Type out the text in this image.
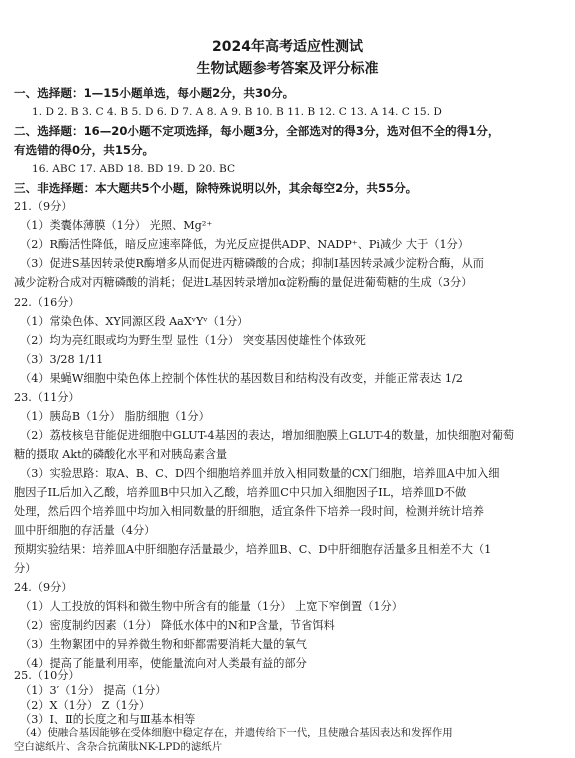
2024年高考适应性测试
生物试题参考答案及评分标准
一、选择题：1—15小题单选，每小题2分，共30分。
1. D 2. B 3. C 4. B 5. D 6. D 7. A 8. A 9. B 10. B 11. B 12. C 13. A 14. C 15. D
二、选择题：16—20小题不定项选择，每小题3分，全部选对的得3分，选对但不全的得1分，
有选错的得0分，共15分。
16. ABC 17. ABD 18. BD 19. D 20. BC
三、非选择题：本大题共5个小题，除特殊说明以外，其余每空2分，共55分。
21.（9分）
（1）类囊体薄膜（1分） 光照、Mg²⁺
（2）R酶活性降低，暗反应速率降低，为光反应提供ADP、NADP⁺、Pi减少 大于（1分）
（3）促进S基因转录使R酶增多从而促进丙糖磷酸的合成；抑制I基因转录减少淀粉合酶，从而
减少淀粉合成对丙糖磷酸的消耗；促进L基因转录增加α淀粉酶的量促进葡萄糖的生成（3分）
22.（16分）
（1）常染色体、XY同源区段 AaXᵛYᵛ（1分）
（2）均为亮红眼或均为野生型 显性（1分） 突变基因使雄性个体致死
（3）3/28 1/11
（4）果蝇W细胞中染色体上控制个体性状的基因数目和结构没有改变，并能正常表达 1/2
23.（11分）
（1）胰岛B（1分） 脂肪细胞（1分）
（2）荔枝核皂苷能促进细胞中GLUT-4基因的表达，增加细胞膜上GLUT-4的数量，加快细胞对葡萄
糖的摄取 Akt的磷酸化水平和对胰岛素含量
（3）实验思路：取A、B、C、D四个细胞培养皿并放入相同数量的CX门细胞，培养皿A中加入细
胞因子IL后加入乙酸，培养皿B中只加入乙酸，培养皿C中只加入细胞因子IL，培养皿D不做
处理，然后四个培养皿中均加入相同数量的肝细胞，适宜条件下培养一段时间，检测并统计培养
皿中肝细胞的存活量（4分）
预期实验结果：培养皿A中肝细胞存活量最少，培养皿B、C、D中肝细胞存活量多且相差不大（1
分）
24.（9分）
（1）人工投放的饵料和微生物中所含有的能量（1分） 上宽下窄倒置（1分）
（2）密度制约因素（1分） 降低水体中的N和P含量，节省饵料
（3）生物絮团中的异养微生物和虾都需要消耗大量的氧气
（4）提高了能量利用率，使能量流向对人类最有益的部分
25.（10分）
（1）3′（1分） 提高（1分）
（2）X（1分） Z（1分）
（3）Ⅰ、Ⅱ的长度之和与Ⅲ基本相等
（4）使融合基因能够在受体细胞中稳定存在，并遗传给下一代，且使融合基因表达和发挥作用
空白滤纸片、含杂合抗菌肽NK-LPD的滤纸片
